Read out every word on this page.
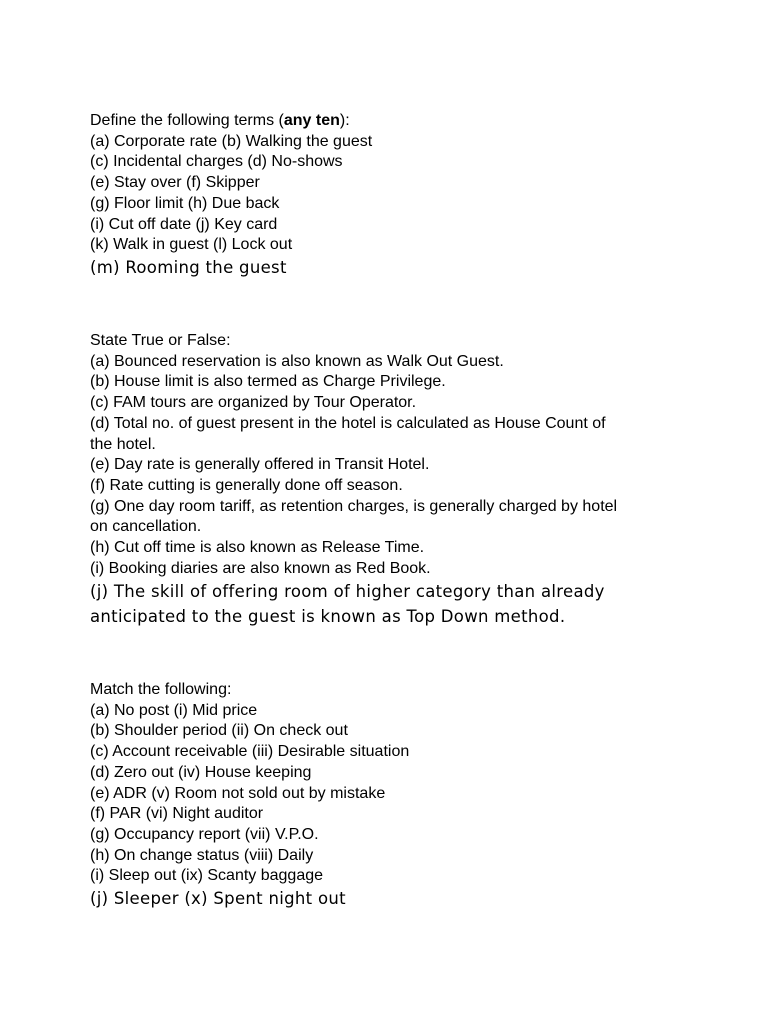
Define the following terms (any ten):
(a) Corporate rate (b) Walking the guest
(c) Incidental charges (d) No-shows
(e) Stay over (f) Skipper
(g) Floor limit (h) Due back
(i) Cut off date (j) Key card
(k) Walk in guest (l) Lock out
(m) Rooming the guest
State True or False:
(a) Bounced reservation is also known as Walk Out Guest.
(b) House limit is also termed as Charge Privilege.
(c) FAM tours are organized by Tour Operator.
(d) Total no. of guest present in the hotel is calculated as House Count of
the hotel.
(e) Day rate is generally offered in Transit Hotel.
(f) Rate cutting is generally done off season.
(g) One day room tariff, as retention charges, is generally charged by hotel
on cancellation.
(h) Cut off time is also known as Release Time.
(i) Booking diaries are also known as Red Book.
(j) The skill of offering room of higher category than already
anticipated to the guest is known as Top Down method.
Match the following:
(a) No post (i) Mid price
(b) Shoulder period (ii) On check out
(c) Account receivable (iii) Desirable situation
(d) Zero out (iv) House keeping
(e) ADR (v) Room not sold out by mistake
(f) PAR (vi) Night auditor
(g) Occupancy report (vii) V.P.O.
(h) On change status (viii) Daily
(i) Sleep out (ix) Scanty baggage
(j) Sleeper (x) Spent night out
